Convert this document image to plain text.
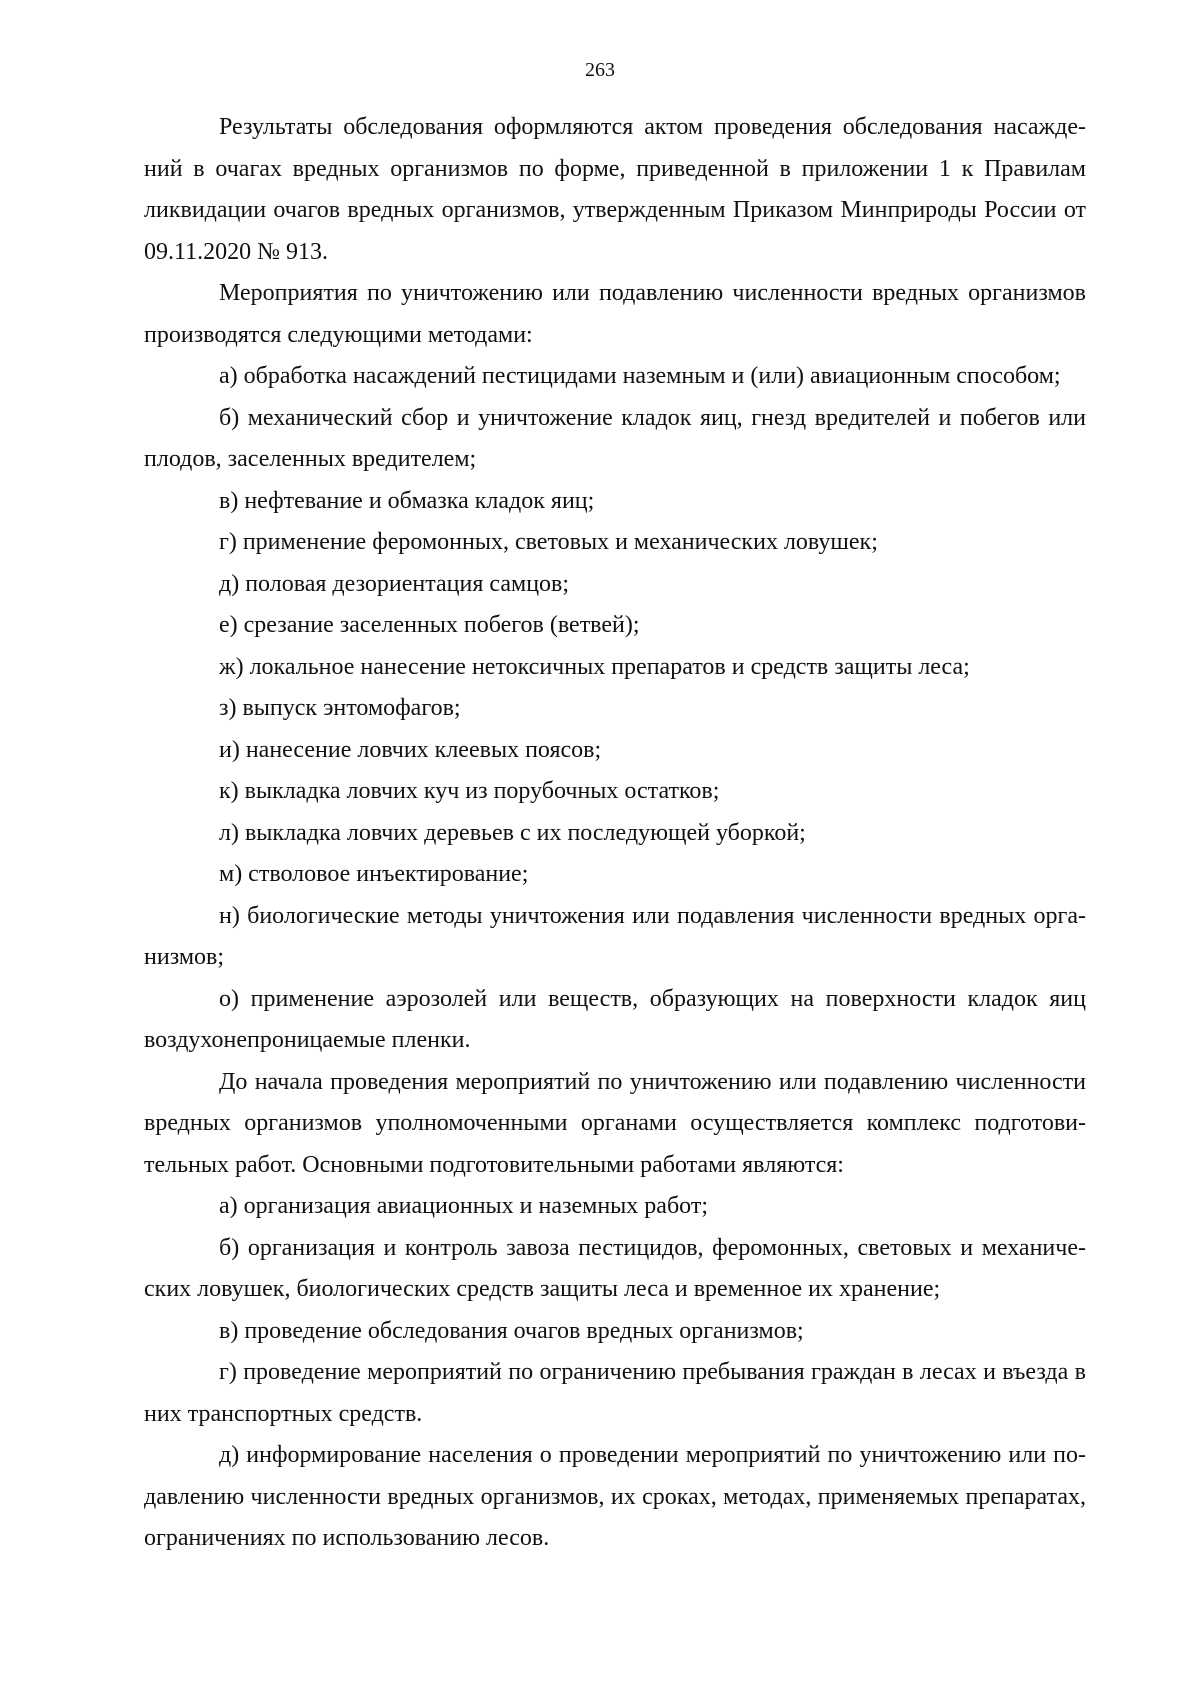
263

Результаты обследования оформляются актом проведения обследования насаждений в очагах вредных организмов по форме, приведенной в приложении 1 к Правилам ликвидации очагов вредных организмов, утвержденным Приказом Минприроды России от 09.11.2020 № 913.

Мероприятия по уничтожению или подавлению численности вредных организмов производятся следующими методами:

а) обработка насаждений пестицидами наземным и (или) авиационным способом;

б) механический сбор и уничтожение кладок яиц, гнезд вредителей и побегов или плодов, заселенных вредителем;

в) нефтевание и обмазка кладок яиц;

г) применение феромонных, световых и механических ловушек;

д) половая дезориентация самцов;

е) срезание заселенных побегов (ветвей);

ж) локальное нанесение нетоксичных препаратов и средств защиты леса;

з) выпуск энтомофагов;

и) нанесение ловчих клеевых поясов;

к) выкладка ловчих куч из порубочных остатков;

л) выкладка ловчих деревьев с их последующей уборкой;

м) стволовое инъектирование;

н) биологические методы уничтожения или подавления численности вредных организмов;

о) применение аэрозолей или веществ, образующих на поверхности кладок яиц воздухонепроницаемые пленки.

До начала проведения мероприятий по уничтожению или подавлению численности вредных организмов уполномоченными органами осуществляется комплекс подготовительных работ. Основными подготовительными работами являются:

а) организация авиационных и наземных работ;

б) организация и контроль завоза пестицидов, феромонных, световых и механических ловушек, биологических средств защиты леса и временное их хранение;

в) проведение обследования очагов вредных организмов;

г) проведение мероприятий по ограничению пребывания граждан в лесах и въезда в них транспортных средств.

д) информирование населения о проведении мероприятий по уничтожению или подавлению численности вредных организмов, их сроках, методах, применяемых препаратах, ограничениях по использованию лесов.
